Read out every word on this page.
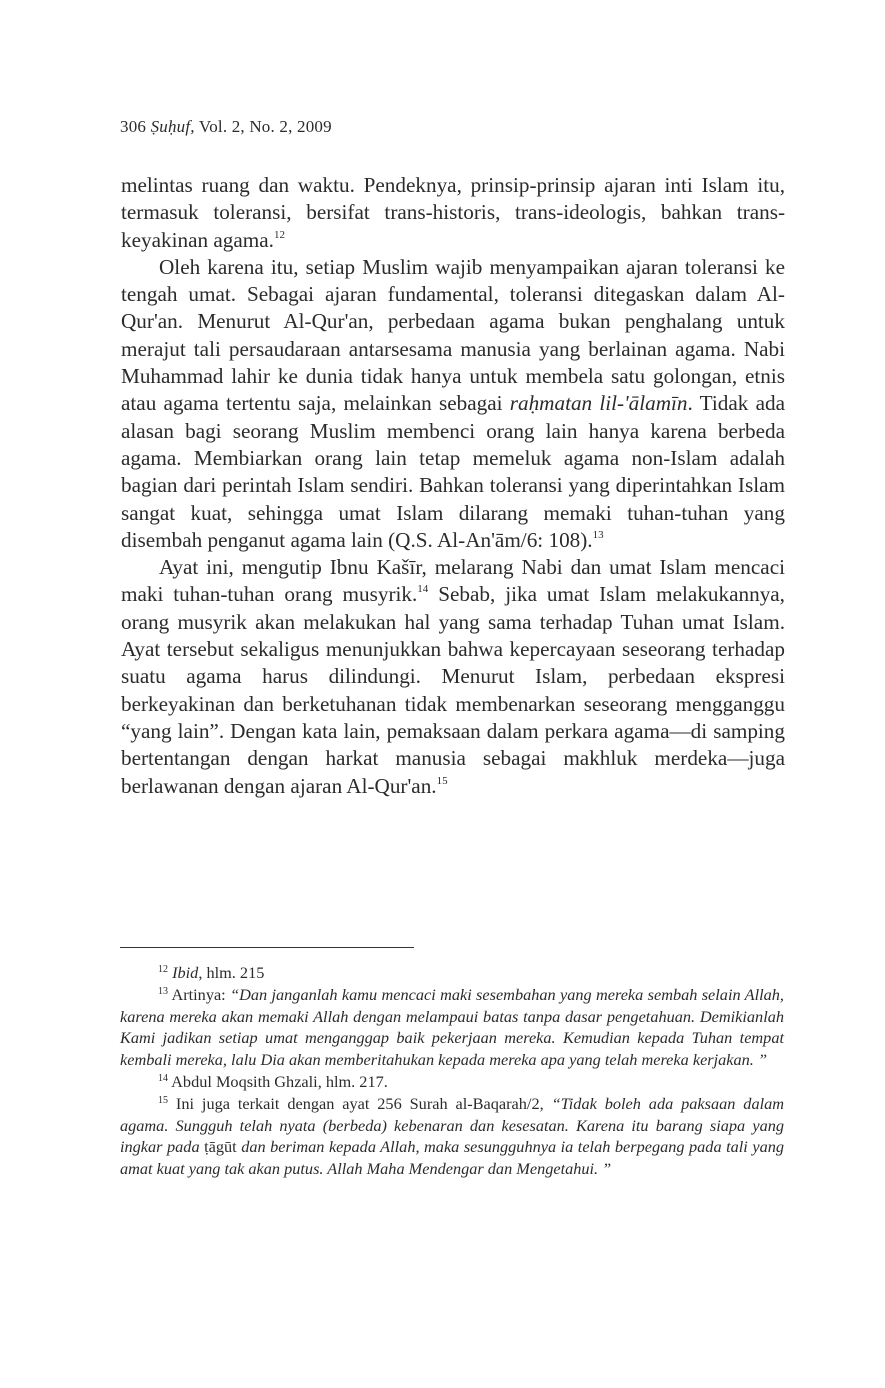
306 Ṣuḥuf, Vol. 2, No. 2, 2009

melintas ruang dan waktu. Pendeknya, prinsip-prinsip ajaran inti Islam itu, termasuk toleransi, bersifat trans-historis, trans-ideologis, bahkan trans-keyakinan agama.$^{12}$

Oleh karena itu, setiap Muslim wajib menyampaikan ajaran toleransi ke tengah umat. Sebagai ajaran fundamental, toleransi ditegaskan dalam Al-Qur'an. Menurut Al-Qur'an, perbedaan agama bukan penghalang untuk merajut tali persaudaraan antarsesama manusia yang berlainan agama. Nabi Muhammad lahir ke dunia tidak hanya untuk membela satu golongan, etnis atau agama tertentu saja, melainkan sebagai raḥmatan lil-'ālamīn. Tidak ada alasan bagi seorang Muslim membenci orang lain hanya karena berbeda agama. Membiarkan orang lain tetap memeluk agama non-Islam adalah bagian dari perintah Islam sendiri. Bahkan toleransi yang diperintahkan Islam sangat kuat, sehingga umat Islam dilarang memaki tuhan-tuhan yang disembah penganut agama lain (Q.S. Al-An'ām/6: 108).$^{13}$

Ayat ini, mengutip Ibnu Kašīr, melarang Nabi dan umat Islam mencaci maki tuhan-tuhan orang musyrik.$^{14}$ Sebab, jika umat Islam melakukannya, orang musyrik akan melakukan hal yang sama terhadap Tuhan umat Islam. Ayat tersebut sekaligus menunjukkan bahwa kepercayaan seseorang terhadap suatu agama harus dilindungi. Menurut Islam, perbedaan ekspresi berkeyakinan dan berketuhanan tidak membenarkan seseorang mengganggu “yang lain”. Dengan kata lain, pemaksaan dalam perkara agama—di samping bertentangan dengan harkat manusia sebagai makhluk merdeka—juga berlawanan dengan ajaran Al-Qur'an.$^{15}$

$^{12}$ Ibid, hlm. 215

$^{13}$ Artinya: “Dan janganlah kamu mencaci maki sesembahan yang mereka sembah selain Allah, karena mereka akan memaki Allah dengan melampaui batas tanpa dasar pengetahuan. Demikianlah Kami jadikan setiap umat menganggap baik pekerjaan mereka. Kemudian kepada Tuhan tempat kembali mereka, lalu Dia akan memberitahukan kepada mereka apa yang telah mereka kerjakan. ”

$^{14}$ Abdul Moqsith Ghzali, hlm. 217.

$^{15}$ Ini juga terkait dengan ayat 256 Surah al-Baqarah/2, “Tidak boleh ada paksaan dalam agama. Sungguh telah nyata (berbeda) kebenaran dan kesesatan. Karena itu barang siapa yang ingkar pada ṭāgūt dan beriman kepada Allah, maka sesungguhnya ia telah berpegang pada tali yang amat kuat yang tak akan putus. Allah Maha Mendengar dan Mengetahui. ”
